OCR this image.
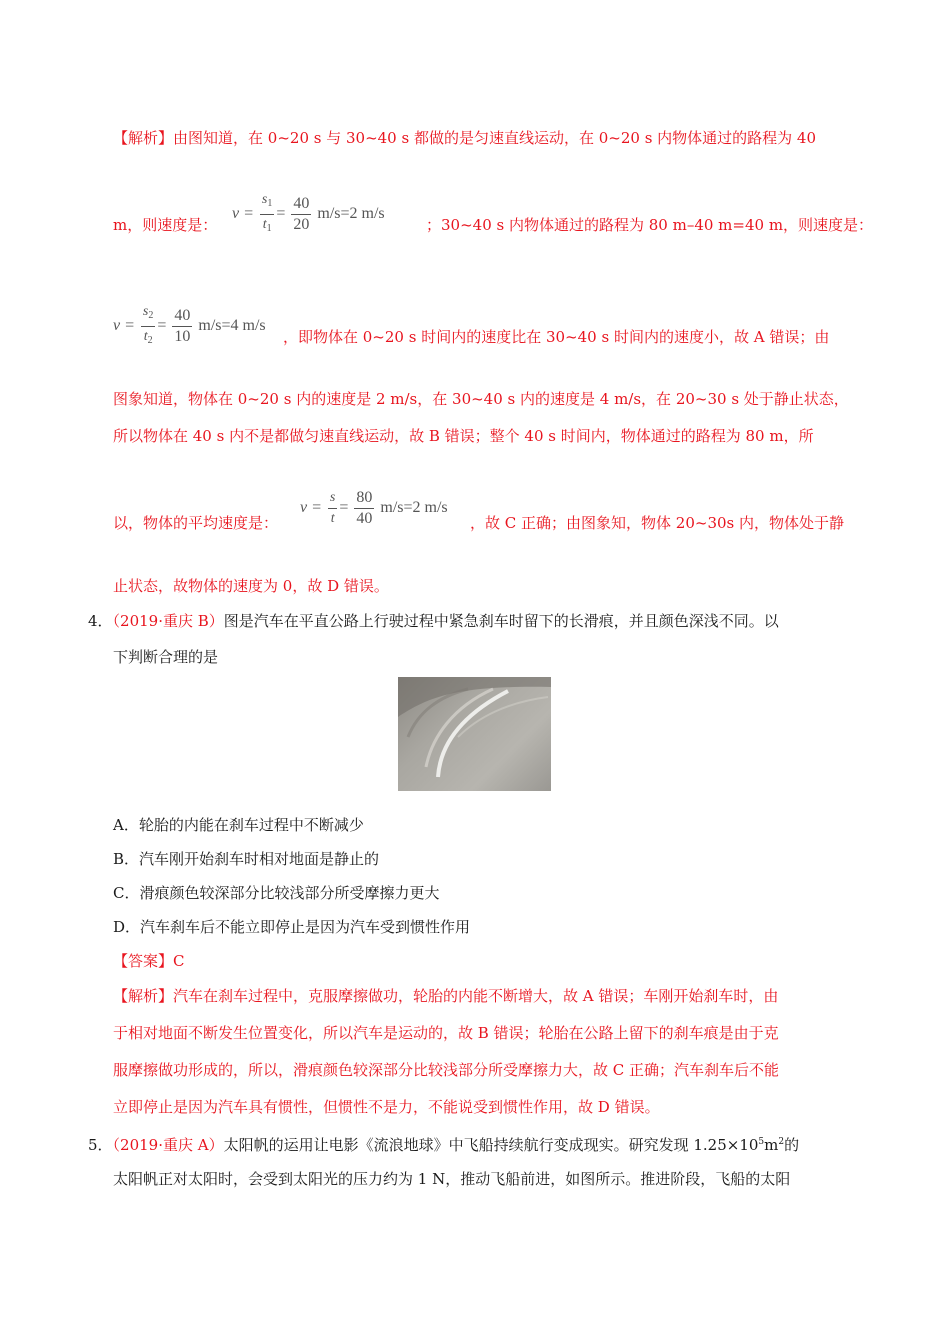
【解析】由图知道，在 0~20 s 与 30~40 s 都做的是匀速直线运动，在 0~20 s 内物体通过的路程为 40
m，则速度是：
$v = \frac{s_1}{t_1} = \frac{40}{20} m/s=2$ m/s
；30~40 s 内物体通过的路程为 80 m–40 m=40 m，则速度是：
$v = \frac{s_2}{t_2} = \frac{40}{10} m/s=4$ m/s
，即物体在 0~20 s 时间内的速度比在 30~40 s 时间内的速度小，故 A 错误；由
图象知道，物体在 0~20 s 内的速度是 2 m/s，在 30~40 s 内的速度是 4 m/s，在 20~30 s 处于静止状态，
所以物体在 40 s 内不是都做匀速直线运动，故 B 错误；整个 40 s 时间内，物体通过的路程为 80 m，所
以，物体的平均速度是：
$v = \frac{s}{t} = \frac{80}{40} m/s=2$ m/s
，故 C 正确；由图象知，物体 20~30s 内，物体处于静
止状态，故物体的速度为 0，故 D 错误。
4．（2019·重庆 B）图是汽车在平直公路上行驶过程中紧急刹车时留下的长滑痕，并且颜色深浅不同。以
下判断合理的是
A．轮胎的内能在刹车过程中不断减少
B．汽车刚开始刹车时相对地面是静止的
C．滑痕颜色较深部分比较浅部分所受摩擦力更大
D．汽车刹车后不能立即停止是因为汽车受到惯性作用
【答案】C
【解析】汽车在刹车过程中，克服摩擦做功，轮胎的内能不断增大，故 A 错误；车刚开始刹车时，由
于相对地面不断发生位置变化，所以汽车是运动的，故 B 错误；轮胎在公路上留下的刹车痕是由于克
服摩擦做功形成的，所以，滑痕颜色较深部分比较浅部分所受摩擦力大，故 C 正确；汽车刹车后不能
立即停止是因为汽车具有惯性，但惯性不是力，不能说受到惯性作用，故 D 错误。
5．（2019·重庆 A）太阳帆的运用让电影《流浪地球》中飞船持续航行变成现实。研究发现 $1.25\times 10^5m^2$的
太阳帆正对太阳时，会受到太阳光的压力约为 1 N，推动飞船前进，如图所示。推进阶段，飞船的太阳
